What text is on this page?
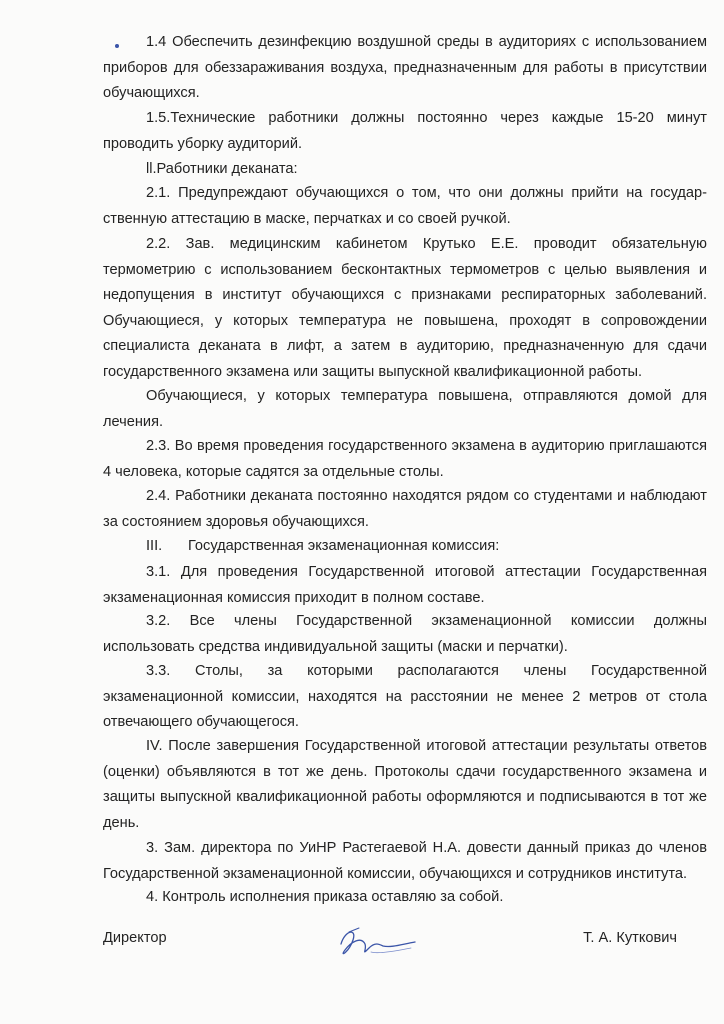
1.4 Обеспечить дезинфекцию воздушной среды в аудиториях с использованием приборов для обеззараживания воздуха, предназначенным для работы в присутствии обучающихся.

1.5.Технические работники должны постоянно через каждые 15-20 минут проводить уборку аудиторий.

ll.Работники деканата:

2.1. Предупреждают обучающихся о том, что они должны прийти на государ-ственную аттестацию в маске, перчатках и со своей ручкой.

2.2. Зав. медицинским кабинетом Крутько Е.Е. проводит обязательную термометрию с использованием бесконтактных термометров с целью выявления и недопущения в институт обучающихся с признаками респираторных заболеваний. Обучающиеся, у которых температура не повышена, проходят в сопровождении специалиста деканата в лифт, а затем в аудиторию, предназначенную для сдачи государственного экзамена или защиты выпускной квалификационной работы.

Обучающиеся, у которых температура повышена, отправляются домой для лечения.

2.3. Во время проведения государственного экзамена в аудиторию приглашаются 4 человека, которые садятся за отдельные столы.

2.4. Работники деканата постоянно находятся рядом со студентами и наблюдают за состоянием здоровья обучающихся.

III. Государственная экзаменационная комиссия:

3.1. Для проведения Государственной итоговой аттестации Государственная экзаменационная комиссия приходит в полном составе.

3.2. Все члены Государственной экзаменационной комиссии должны использовать средства индивидуальной защиты (маски и перчатки).

3.3. Столы, за которыми располагаются члены Государственной экзаменационной комиссии, находятся на расстоянии не менее 2 метров от стола отвечающего обучающегося.

IV. После завершения Государственной итоговой аттестации результаты ответов (оценки) объявляются в тот же день. Протоколы сдачи государственного экзамена и защиты выпускной квалификационной работы оформляются и подписываются в тот же день.

3. Зам. директора по УиНР Растегаевой Н.А. довести данный приказ до членов Государственной экзаменационной комиссии, обучающихся и сотрудников института.

4. Контроль исполнения приказа оставляю за собой.

Директор	Т. А. Куткович
